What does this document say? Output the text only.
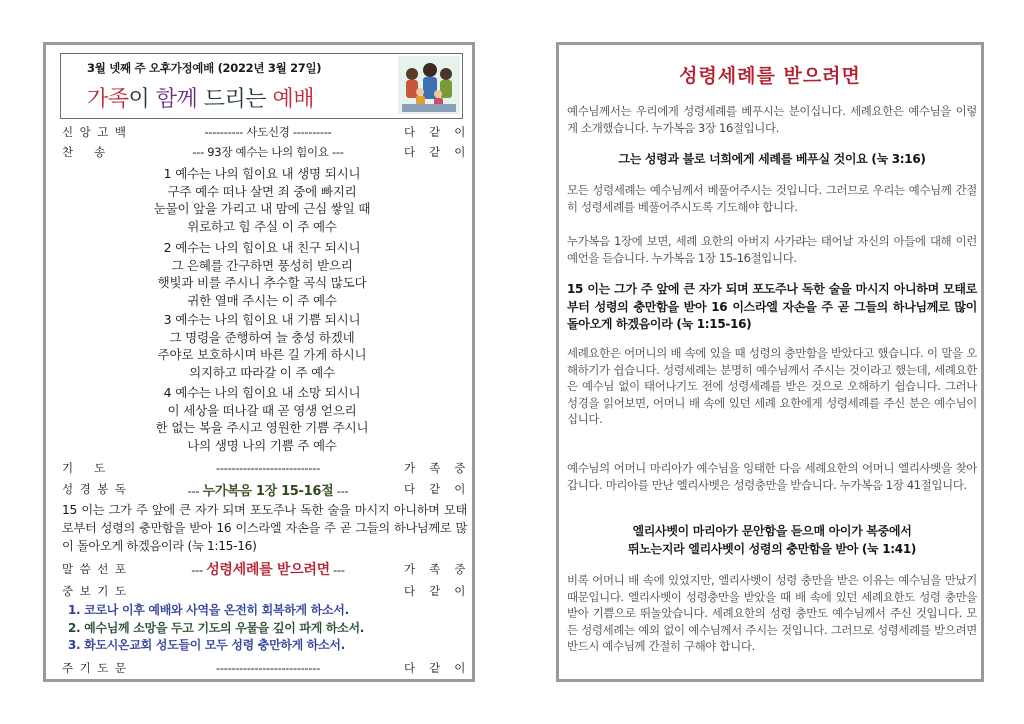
3월 넷째 주 오후가정예배 (2022년 3월 27일)
가족이 함께 드리는 예배
신앙고백	---------- 사도신경 ----------	다같이
찬송	--- 93장 예수는 나의 힘이요 ---	다같이
1 예수는 나의 힘이요 내 생명 되시니
구주 예수 떠나 살면 죄 중에 빠지리
눈물이 앞을 가리고 내 맘에 근심 쌓일 때
위로하고 힘 주실 이 주 예수
2 예수는 나의 힘이요 내 친구 되시니
그 은혜를 간구하면 풍성히 받으리
햇빛과 비를 주시니 추수할 곡식 많도다
귀한 열매 주시는 이 주 예수
3 예수는 나의 힘이요 내 기쁨 되시니
그 명령을 준행하여 늘 충성 하겠네
주야로 보호하시며 바른 길 가게 하시니
의지하고 따라갈 이 주 예수
4 예수는 나의 힘이요 내 소망 되시니
이 세상을 떠나갈 때 곧 영생 얻으리
한 없는 복을 주시고 영원한 기쁨 주시니
나의 생명 나의 기쁨 주 예수
기도	---------------------------	가족중
성경봉독	--- 누가복음 1장 15-16절 ---	다같이
15 이는 그가 주 앞에 큰 자가 되며 포도주나 독한 술을 마시지 아니하며 모태로부터 성령의 충만함을 받아 16 이스라엘 자손을 주 곧 그들의 하나님께로 많이 돌아오게 하겠음이라 (눅 1:15-16)
말씀선포	--- 성령세례를 받으려면 ---	가족중
중보기도	다같이
1. 코로나 이후 예배와 사역을 온전히 회복하게 하소서.
2. 예수님께 소망을 두고 기도의 우물을 깊이 파게 하소서.
3. 화도시온교회 성도들이 모두 성령 충만하게 하소서.
주기도문	---------------------------	다같이
성령세례를 받으려면
예수님께서는 우리에게 성령세례를 베푸시는 분이십니다. 세례요한은 예수님을 이렇게 소개했습니다. 누가복음 3장 16절입니다.
그는 성령과 불로 너희에게 세례를 베푸실 것이요 (눅 3:16)
모든 성령세례는 예수님께서 베풀어주시는 것입니다. 그러므로 우리는 예수님께 간절히 성령세례를 베풀어주시도록 기도해야 합니다.
누가복음 1장에 보면, 세례 요한의 아버지 사가랴는 태어날 자신의 아들에 대해 이런 예언을 듣습니다. 누가복음 1장 15-16절입니다.
15 이는 그가 주 앞에 큰 자가 되며 포도주나 독한 술을 마시지 아니하며 모태로부터 성령의 충만함을 받아 16 이스라엘 자손을 주 곧 그들의 하나님께로 많이 돌아오게 하겠음이라 (눅 1:15-16)
세례요한은 어머니의 배 속에 있을 때 성령의 충만함을 받았다고 했습니다. 이 말을 오해하기가 쉽습니다. 성령세례는 분명히 예수님께서 주시는 것이라고 했는데, 세례요한은 예수님 없이 태어나기도 전에 성령세례를 받은 것으로 오해하기 쉽습니다. 그러나 성경을 읽어보면, 어머니 배 속에 있던 세례 요한에게 성령세례를 주신 분은 예수님이십니다.
예수님의 어머니 마리아가 예수님을 잉태한 다음 세례요한의 어머니 엘리사벳을 찾아갑니다. 마리아를 만난 엘리사벳은 성령충만을 받습니다. 누가복음 1장 41절입니다.
엘리사벳이 마리아가 문안함을 듣으매 아이가 복중에서
뛰노는지라 엘리사벳이 성령의 충만함을 받아 (눅 1:41)
비록 어머니 배 속에 있었지만, 엘리사벳이 성령 충만을 받은 이유는 예수님을 만났기 때문입니다. 엘리사벳이 성령충만을 받았을 때 배 속에 있던 세례요한도 성령 충만을 받아 기쁨으로 뛰놀았습니다. 세례요한의 성령 충만도 예수님께서 주신 것입니다. 모든 성령세례는 예외 없이 예수님께서 주시는 것입니다. 그러므로 성령세례를 받으려면 반드시 예수님께 간절히 구해야 합니다.
